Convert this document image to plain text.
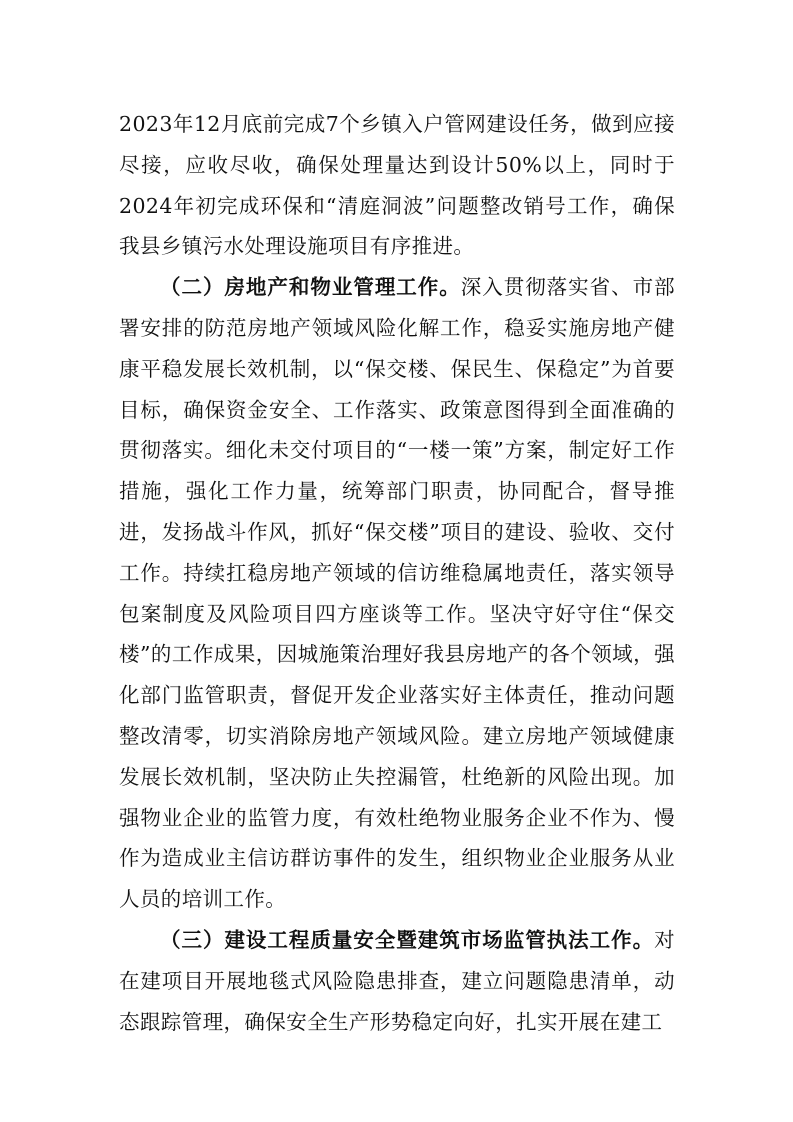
2023年12月底前完成7个乡镇入户管网建设任务，做到应接尽接，应收尽收，确保处理量达到设计50%以上，同时于2024年初完成环保和“清庭洞波”问题整改销号工作，确保我县乡镇污水处理设施项目有序推进。

（二）房地产和物业管理工作。深入贯彻落实省、市部署安排的防范房地产领域风险化解工作，稳妥实施房地产健康平稳发展长效机制，以“保交楼、保民生、保稳定”为首要目标，确保资金安全、工作落实、政策意图得到全面准确的贯彻落实。细化未交付项目的“一楼一策”方案，制定好工作措施，强化工作力量，统筹部门职责，协同配合，督导推进，发扬战斗作风，抓好“保交楼”项目的建设、验收、交付工作。持续扛稳房地产领域的信访维稳属地责任，落实领导包案制度及风险项目四方座谈等工作。坚决守好守住“保交楼”的工作成果，因城施策治理好我县房地产的各个领域，强化部门监管职责，督促开发企业落实好主体责任，推动问题整改清零，切实消除房地产领域风险。建立房地产领域健康发展长效机制，坚决防止失控漏管，杜绝新的风险出现。加强物业企业的监管力度，有效杜绝物业服务企业不作为、慢作为造成业主信访群访事件的发生，组织物业企业服务从业人员的培训工作。

（三）建设工程质量安全暨建筑市场监管执法工作。对在建项目开展地毯式风险隐患排查，建立问题隐患清单，动态跟踪管理，确保安全生产形势稳定向好，扎实开展在建工
